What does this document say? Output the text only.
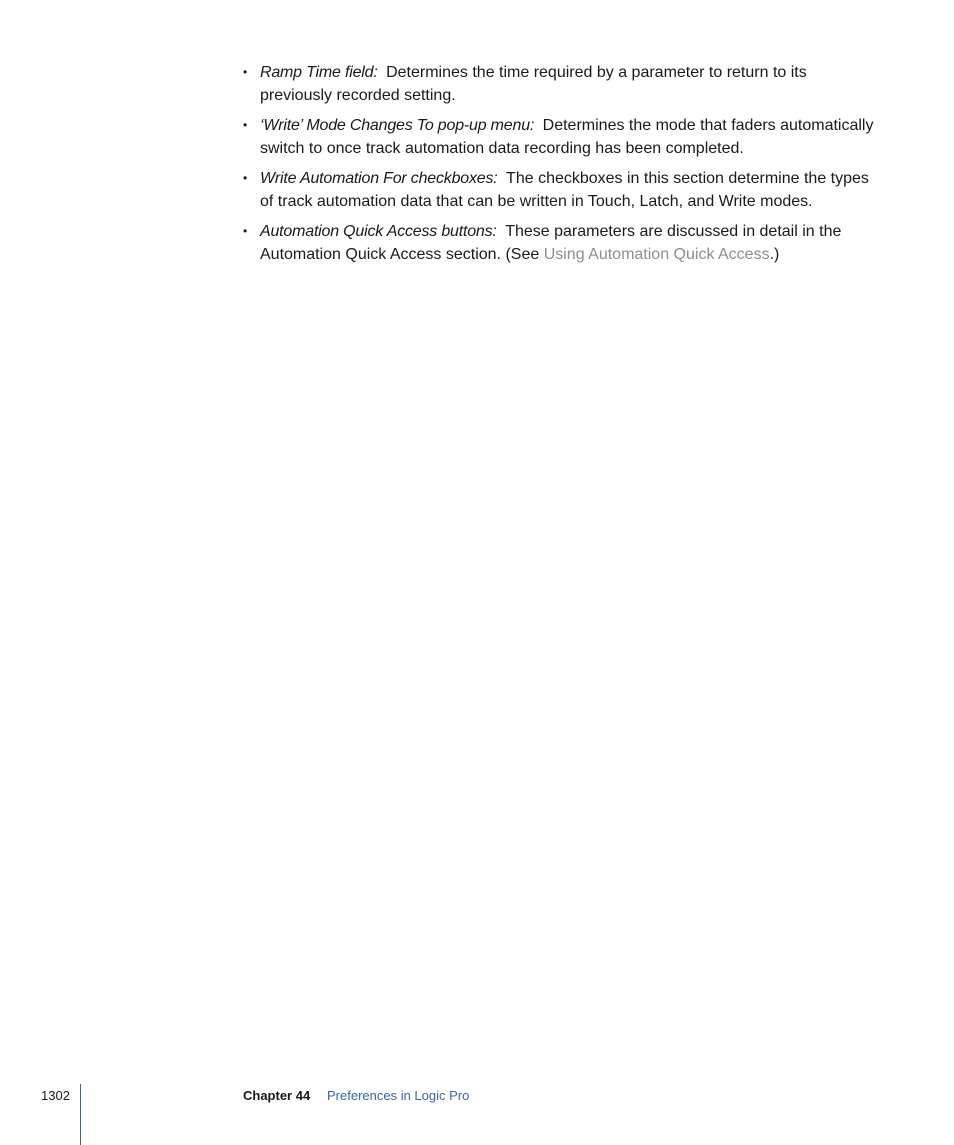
• Ramp Time field: Determines the time required by a parameter to return to its previously recorded setting.
• ‘Write’ Mode Changes To pop-up menu: Determines the mode that faders automatically switch to once track automation data recording has been completed.
• Write Automation For checkboxes: The checkboxes in this section determine the types of track automation data that can be written in Touch, Latch, and Write modes.
• Automation Quick Access buttons: These parameters are discussed in detail in the Automation Quick Access section. (See Using Automation Quick Access.)
1302	Chapter 44 Preferences in Logic Pro
